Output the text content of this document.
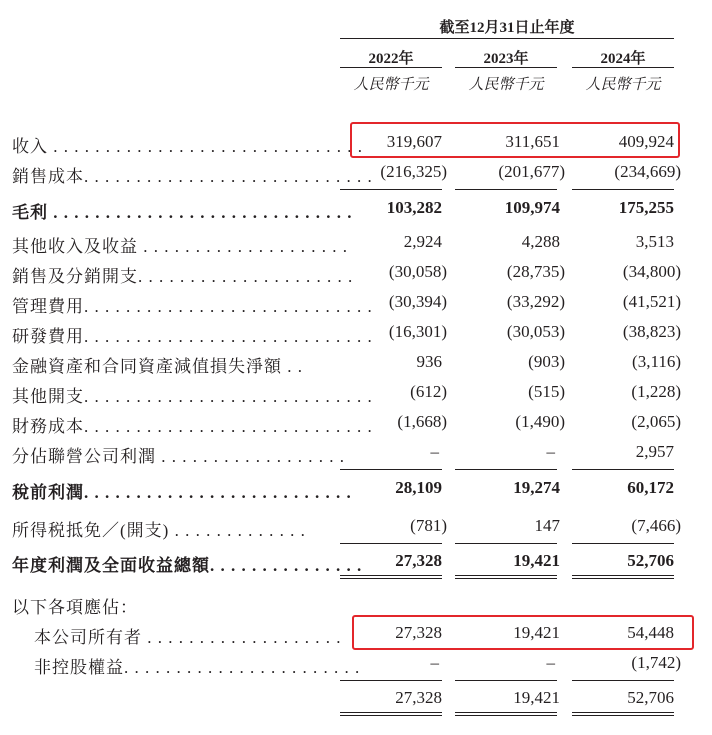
截至12月31日止年度
2022年	2023年	2024年
人民幣千元	人民幣千元	人民幣千元
收入 . . . . . . . . . . . . . . . . . . . . . . . . . . . . . . 319,607	311,651	409,924
銷售成本. . . . . . . . . . . . . . . . . . . . . . . . . . . . (216,325)	(201,677)	(234,669)
毛利 . . . . . . . . . . . . . . . . . . . . . . . . . . . . . 103,282	109,974	175,255
其他收入及收益 . . . . . . . . . . . . . . . . . . . .	2,924	4,288	3,513
銷售及分銷開支. . . . . . . . . . . . . . . . . . . . . (30,058)	(28,735)	(34,800)
管理費用. . . . . . . . . . . . . . . . . . . . . . . . . . . . (30,394)	(33,292)	(41,521)
研發費用. . . . . . . . . . . . . . . . . . . . . . . . . . . . (16,301)	(30,053)	(38,823)
金融資產和合同資產減值損失淨額 . .	936	(903)	(3,116)
其他開支. . . . . . . . . . . . . . . . . . . . . . . . . . . . (612)	(515)	(1,228)
財務成本. . . . . . . . . . . . . . . . . . . . . . . . . . . . (1,668)	(1,490)	(2,065)
分佔聯營公司利潤 . . . . . . . . . . . . . . . . . .	–	–	2,957
稅前利潤. . . . . . . . . . . . . . . . . . . . . . . . . .	28,109	19,274	60,172
所得税抵免／(開支) . . . . . . . . . . . . .	(781)	147	(7,466)
年度利潤及全面收益總額. . . . . . . . . . . . . . . 27,328	19,421	52,706
以下各項應佔：
本公司所有者 . . . . . . . . . . . . . . . . . . .	27,328	19,421	54,448
非控股權益. . . . . . . . . . . . . . . . . . . . . . .	–	–	(1,742)
27,328	19,421	52,706
